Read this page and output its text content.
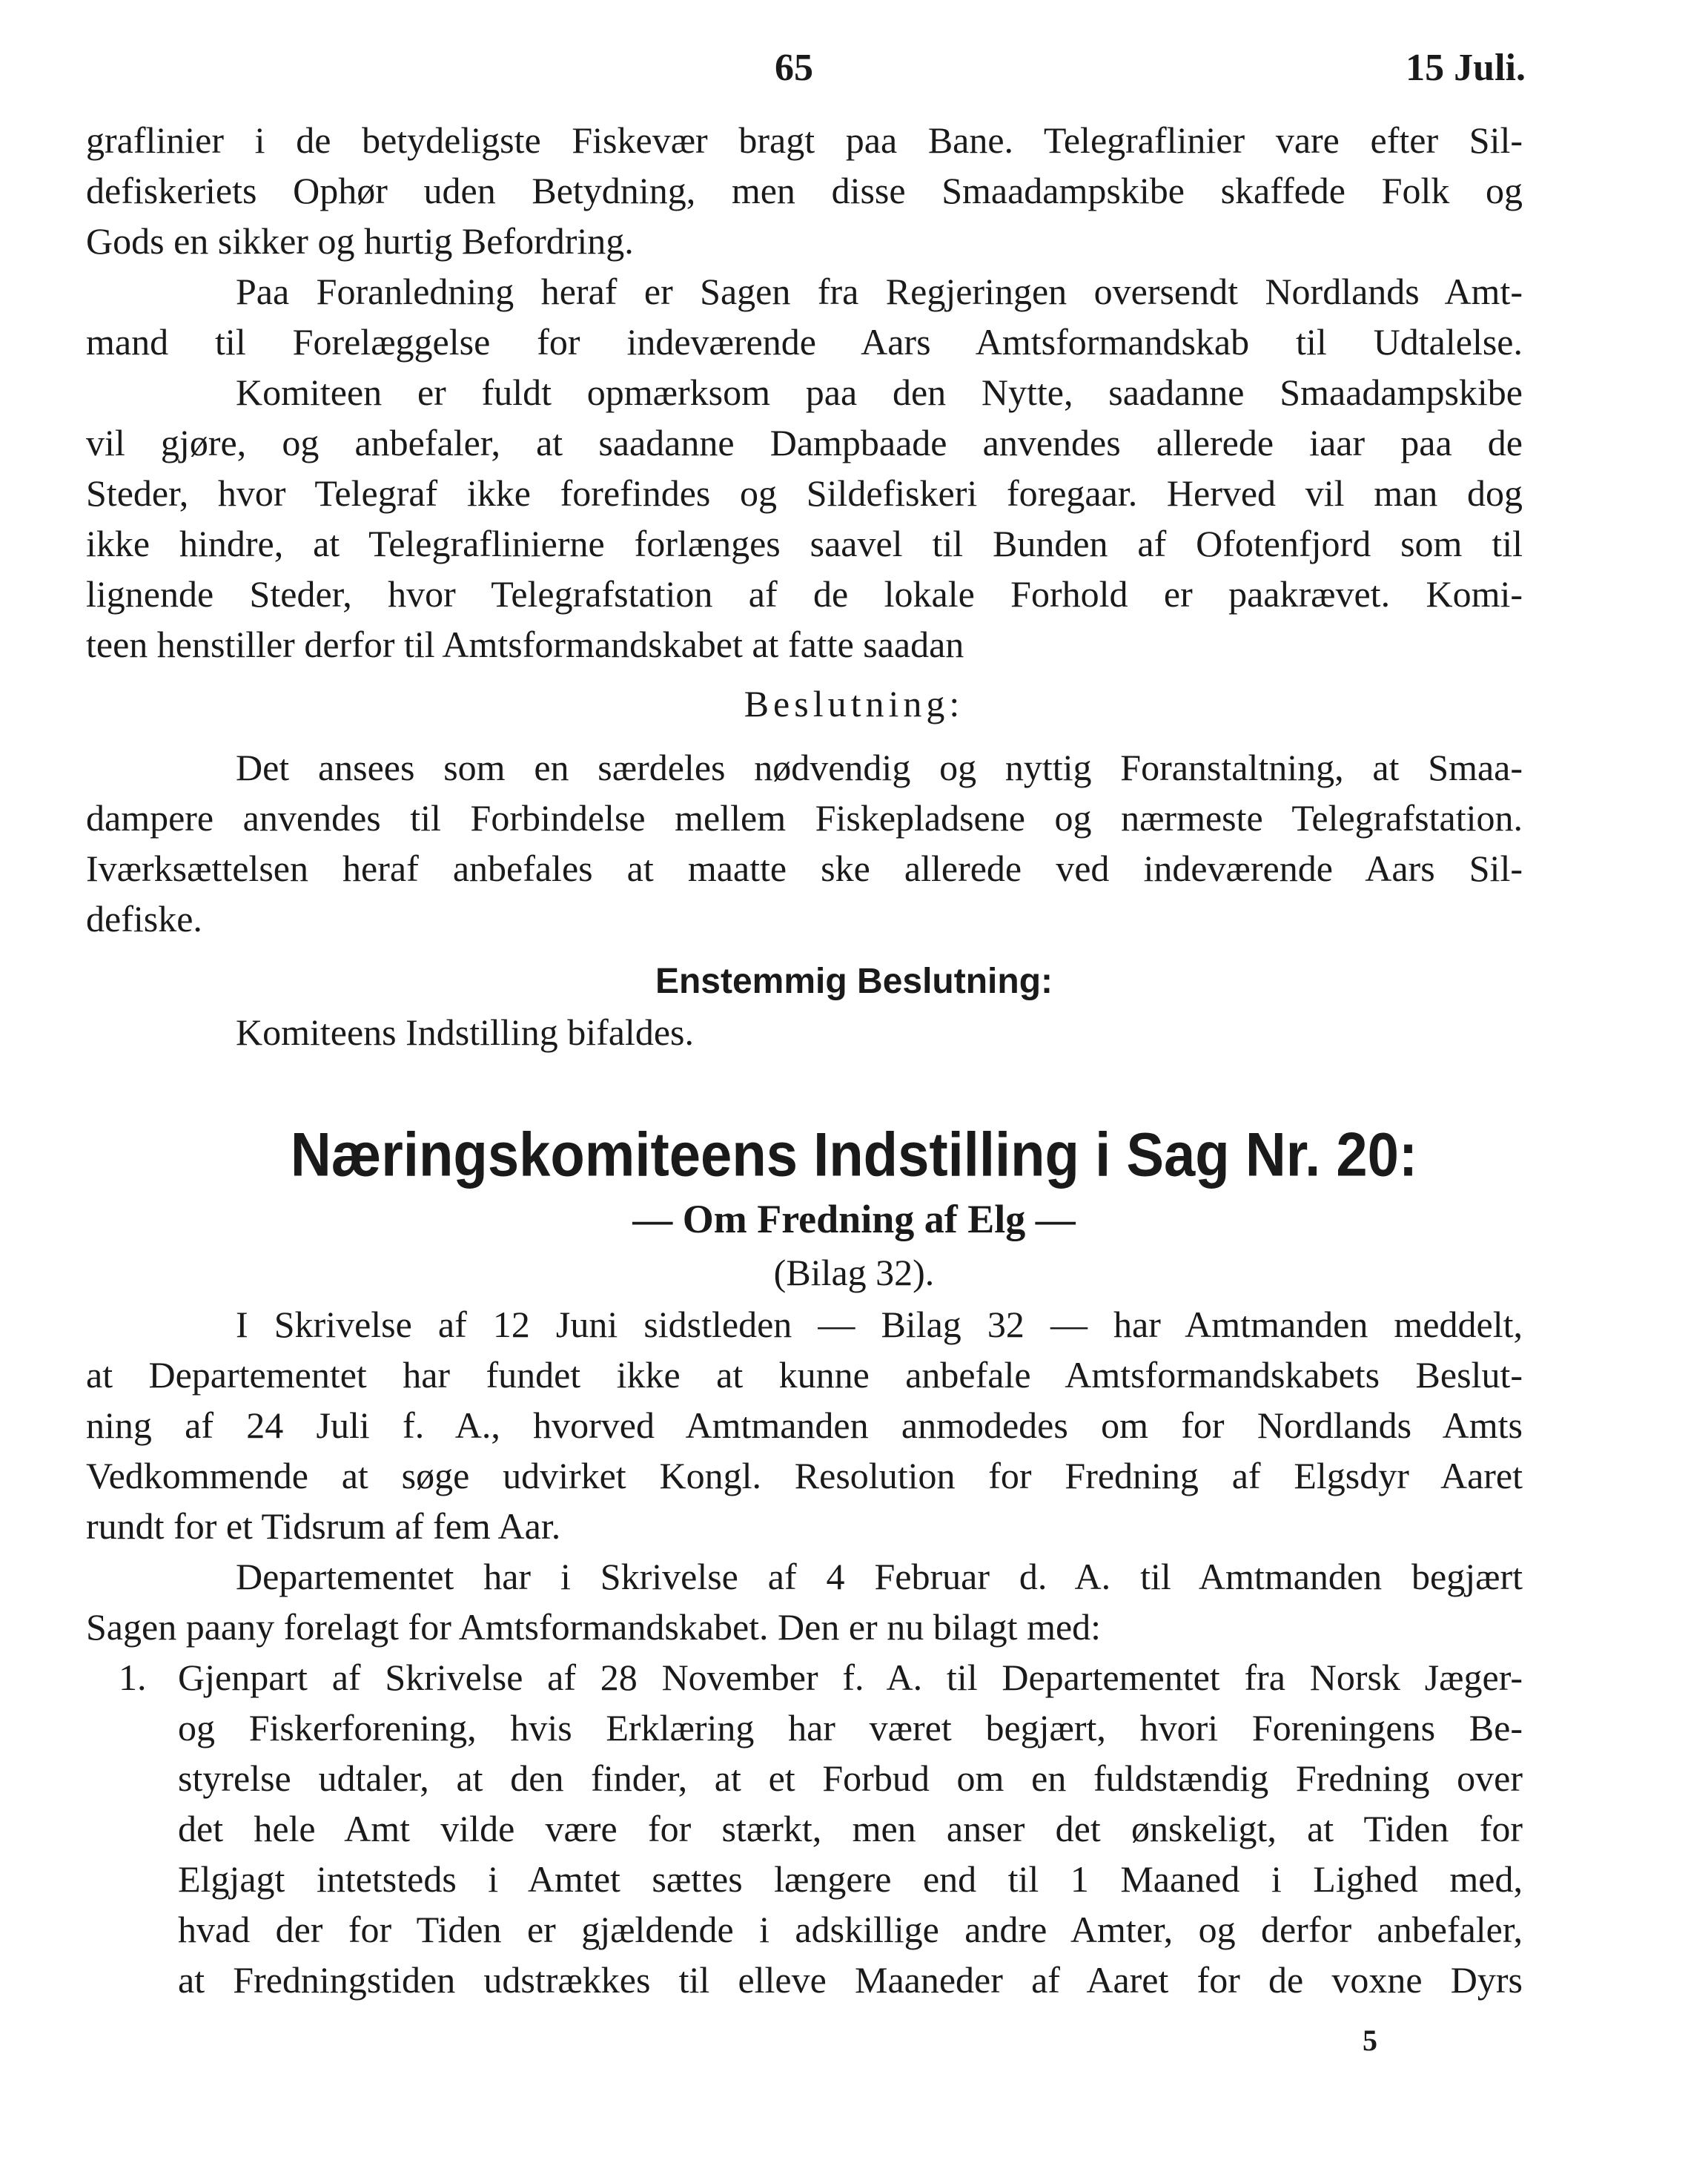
65	15 Juli.
graflinier i de betydeligste Fiskevær bragt paa Bane. Telegraflinier vare efter Sil-
defiskeriets Ophør uden Betydning, men disse Smaadampskibe skaffede Folk og
Gods en sikker og hurtig Befordring.
Paa Foranledning heraf er Sagen fra Regjeringen oversendt Nordlands Amt-
mand til Forelæggelse for indeværende Aars Amtsformandskab til Udtalelse.
Komiteen er fuldt opmærksom paa den Nytte, saadanne Smaadampskibe
vil gjøre, og anbefaler, at saadanne Dampbaade anvendes allerede iaar paa de
Steder, hvor Telegraf ikke forefindes og Sildefiskeri foregaar. Herved vil man dog
ikke hindre, at Telegraflinierne forlænges saavel til Bunden af Ofotenfjord som til
lignende Steder, hvor Telegrafstation af de lokale Forhold er paakrævet. Komi-
teen henstiller derfor til Amtsformandskabet at fatte saadan
Beslutning:
Det ansees som en særdeles nødvendig og nyttig Foranstaltning, at Smaa-
dampere anvendes til Forbindelse mellem Fiskepladsene og nærmeste Telegrafstation.
Iværksættelsen heraf anbefales at maatte ske allerede ved indeværende Aars Sil-
defiske.
Enstemmig Beslutning:
Komiteens Indstilling bifaldes.
Næringskomiteens Indstilling i Sag Nr. 20:
— Om Fredning af Elg —
(Bilag 32).
I Skrivelse af 12 Juni sidstleden — Bilag 32 — har Amtmanden meddelt,
at Departementet har fundet ikke at kunne anbefale Amtsformandskabets Beslut-
ning af 24 Juli f. A., hvorved Amtmanden anmodedes om for Nordlands Amts
Vedkommende at søge udvirket Kongl. Resolution for Fredning af Elgsdyr Aaret
rundt for et Tidsrum af fem Aar.
Departementet har i Skrivelse af 4 Februar d. A. til Amtmanden begjært
Sagen paany forelagt for Amtsformandskabet. Den er nu bilagt med:
1. Gjenpart af Skrivelse af 28 November f. A. til Departementet fra Norsk Jæger-
og Fiskerforening, hvis Erklæring har været begjært, hvori Foreningens Be-
styrelse udtaler, at den finder, at et Forbud om en fuldstændig Fredning over
det hele Amt vilde være for stærkt, men anser det ønskeligt, at Tiden for
Elgjagt intetsteds i Amtet sættes længere end til 1 Maaned i Lighed med,
hvad der for Tiden er gjældende i adskillige andre Amter, og derfor anbefaler,
at Fredningstiden udstrækkes til elleve Maaneder af Aaret for de voxne Dyrs
5
